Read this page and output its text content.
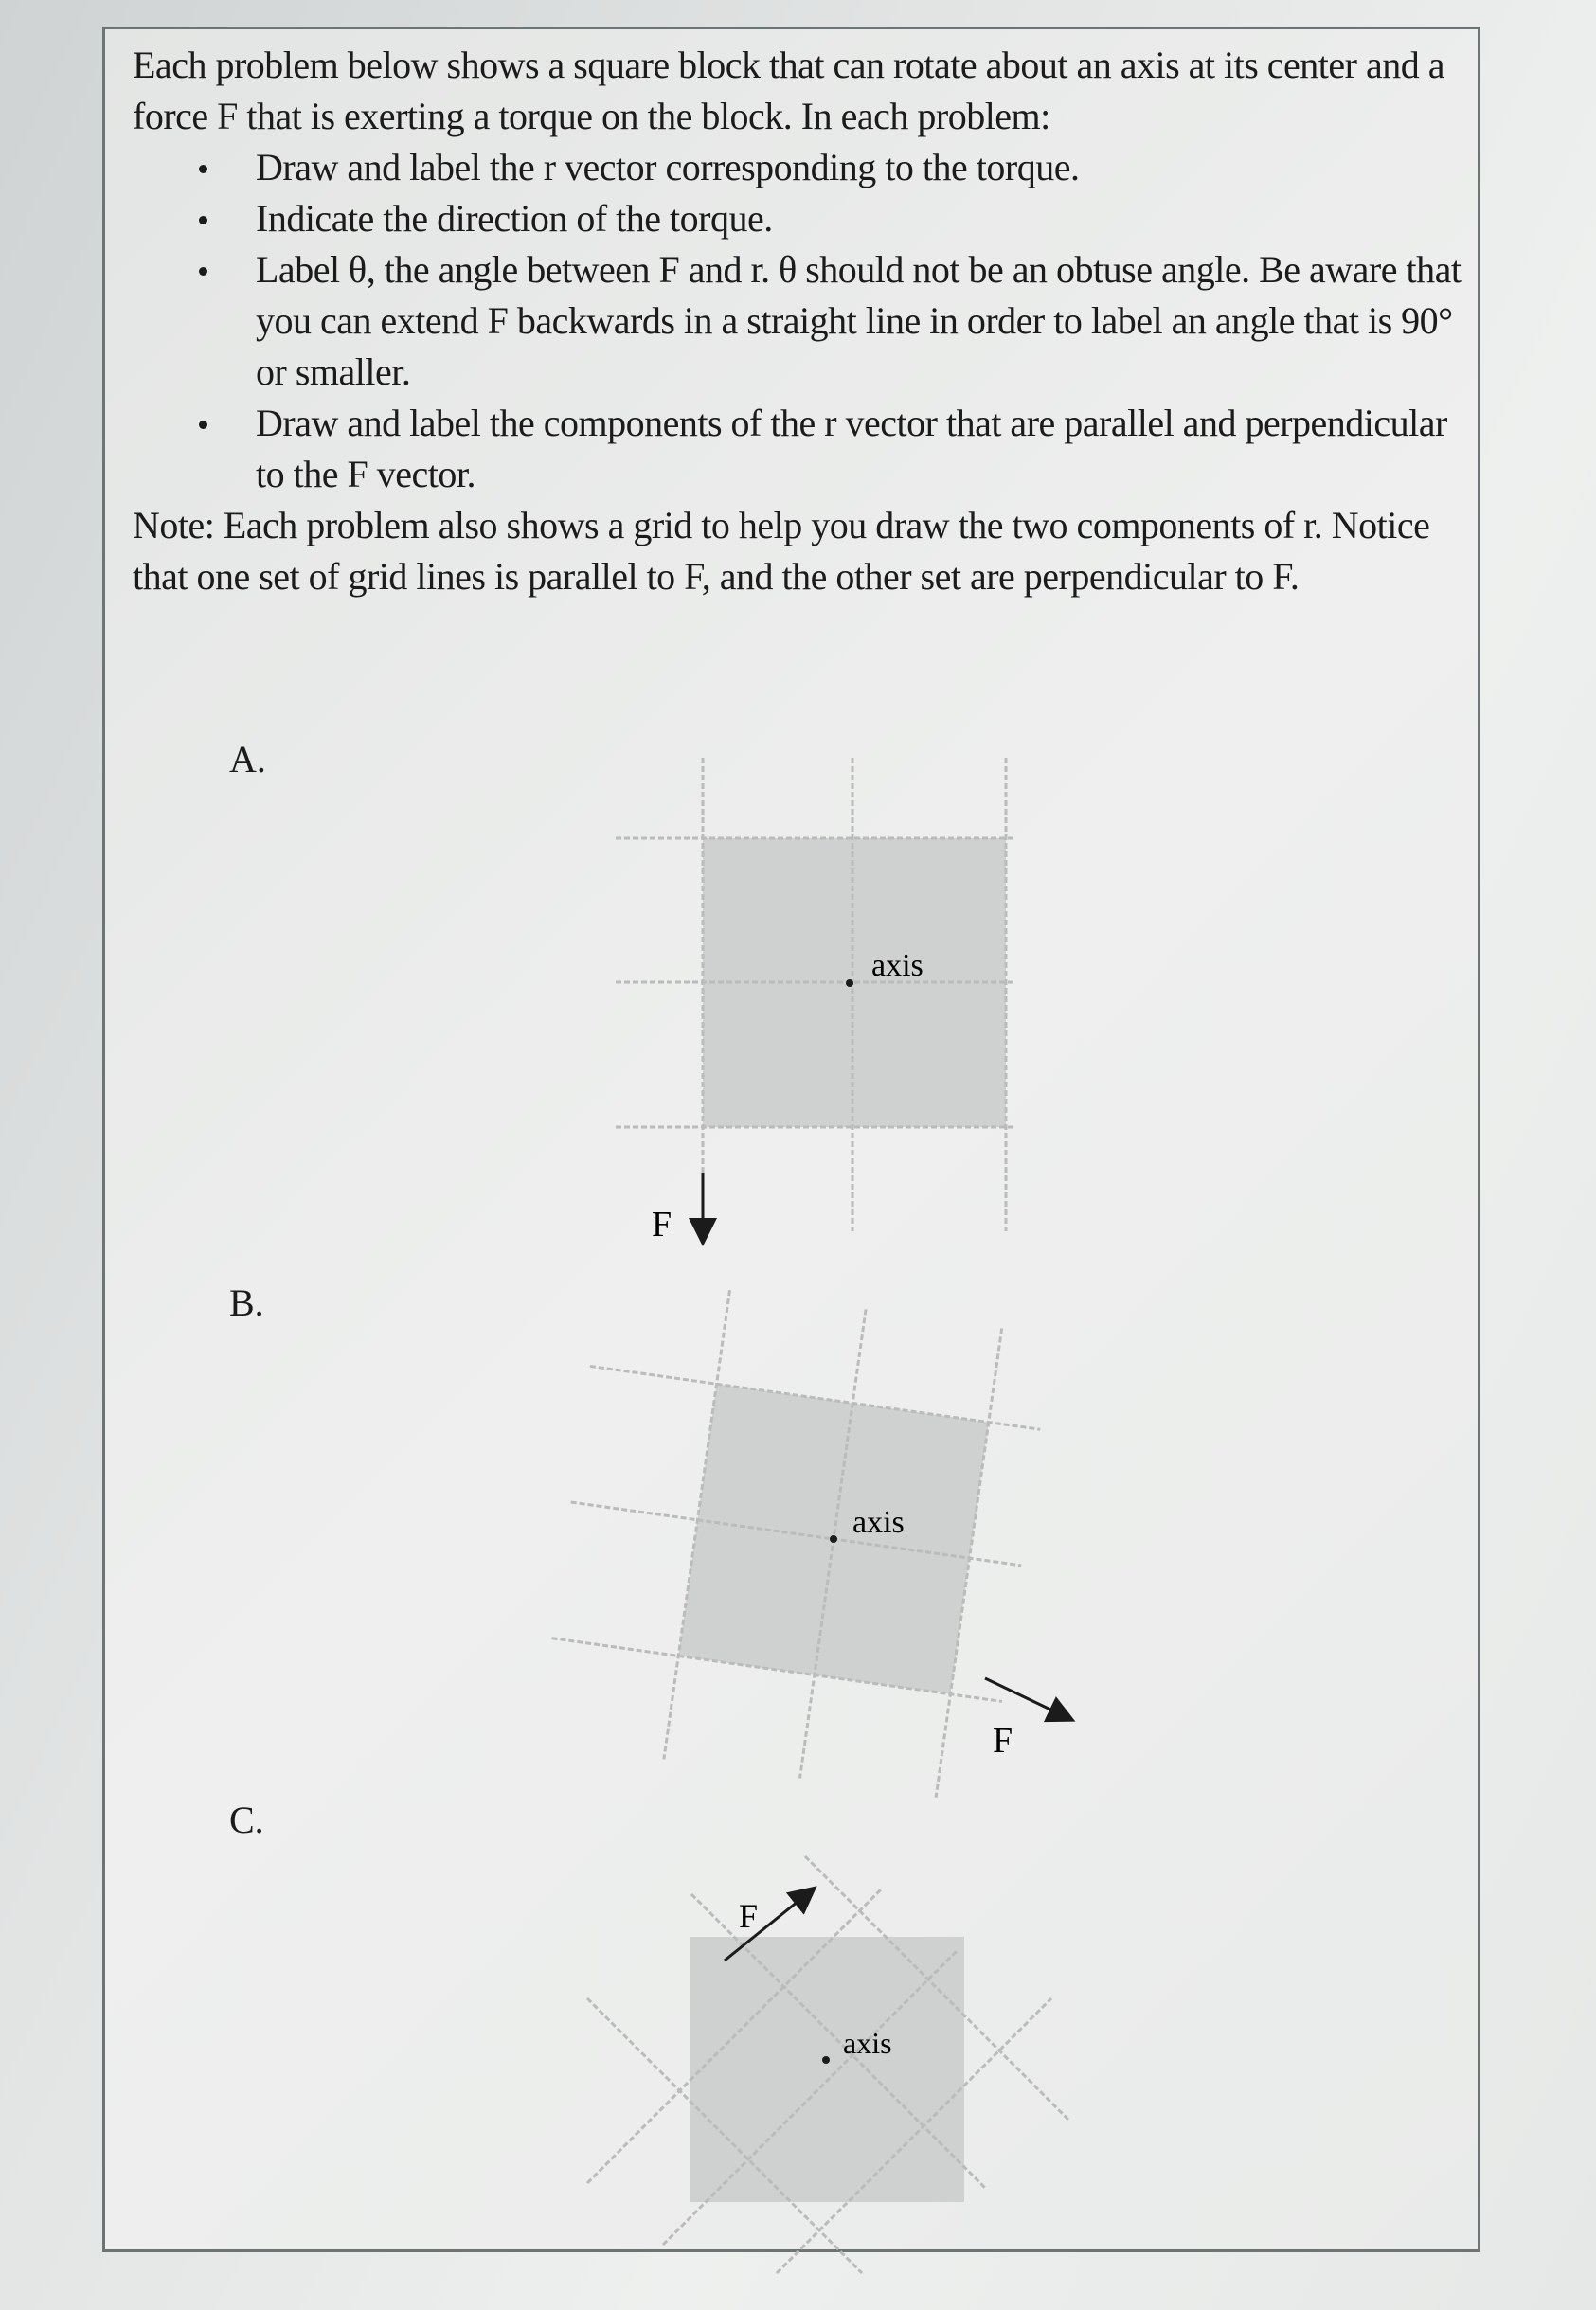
Each problem below shows a square block that can rotate about an axis at its center and a force F that is exerting a torque on the block. In each problem:

Draw and label the r vector corresponding to the torque.
Indicate the direction of the torque.
Label θ, the angle between F and r. θ should not be an obtuse angle. Be aware that you can extend F backwards in a straight line in order to label an angle that is 90° or smaller.
Draw and label the components of the r vector that are parallel and perpendicular to the F vector.

Note: Each problem also shows a grid to help you draw the two components of r. Notice that one set of grid lines is parallel to F, and the other set are perpendicular to F.

A.
B.
C.
axis
F
axis
F
axis
F
